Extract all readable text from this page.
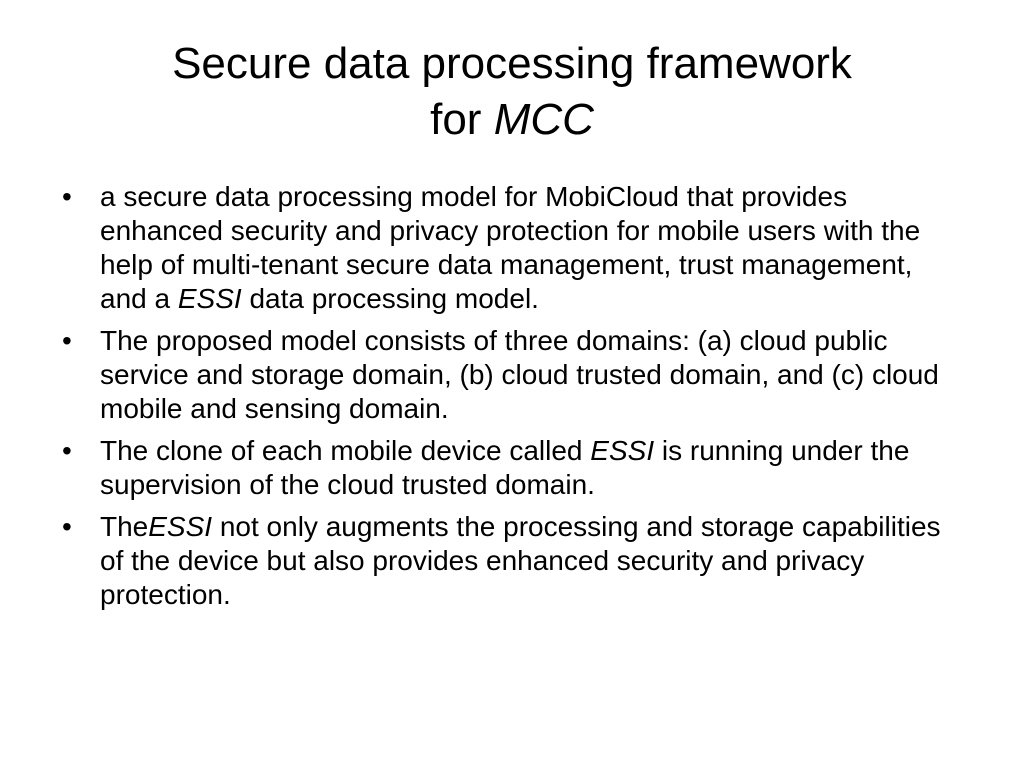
Secure data processing framework
for MCC
• a secure data processing model for MobiCloud that provides enhanced security and privacy protection for mobile users with the help of multi-tenant secure data management, trust management, and a ESSI data processing model.
• The proposed model consists of three domains: (a) cloud public service and storage domain, (b) cloud trusted domain, and (c) cloud mobile and sensing domain.
• The clone of each mobile device called ESSI is running under the supervision of the cloud trusted domain.
• TheESSI not only augments the processing and storage capabilities of the device but also provides enhanced security and privacy protection.
